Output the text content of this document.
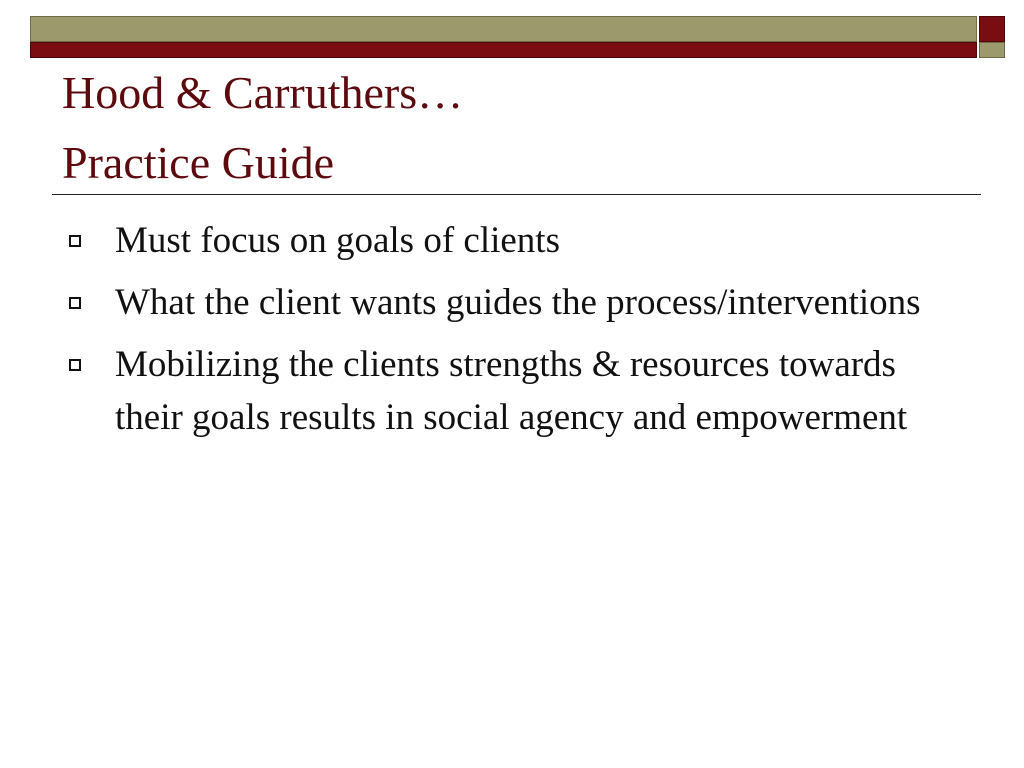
Hood & Carruthers…
Practice Guide
Must focus on goals of clients
What the client wants guides the process/interventions
Mobilizing the clients strengths & resources towards their goals results in social agency and empowerment
